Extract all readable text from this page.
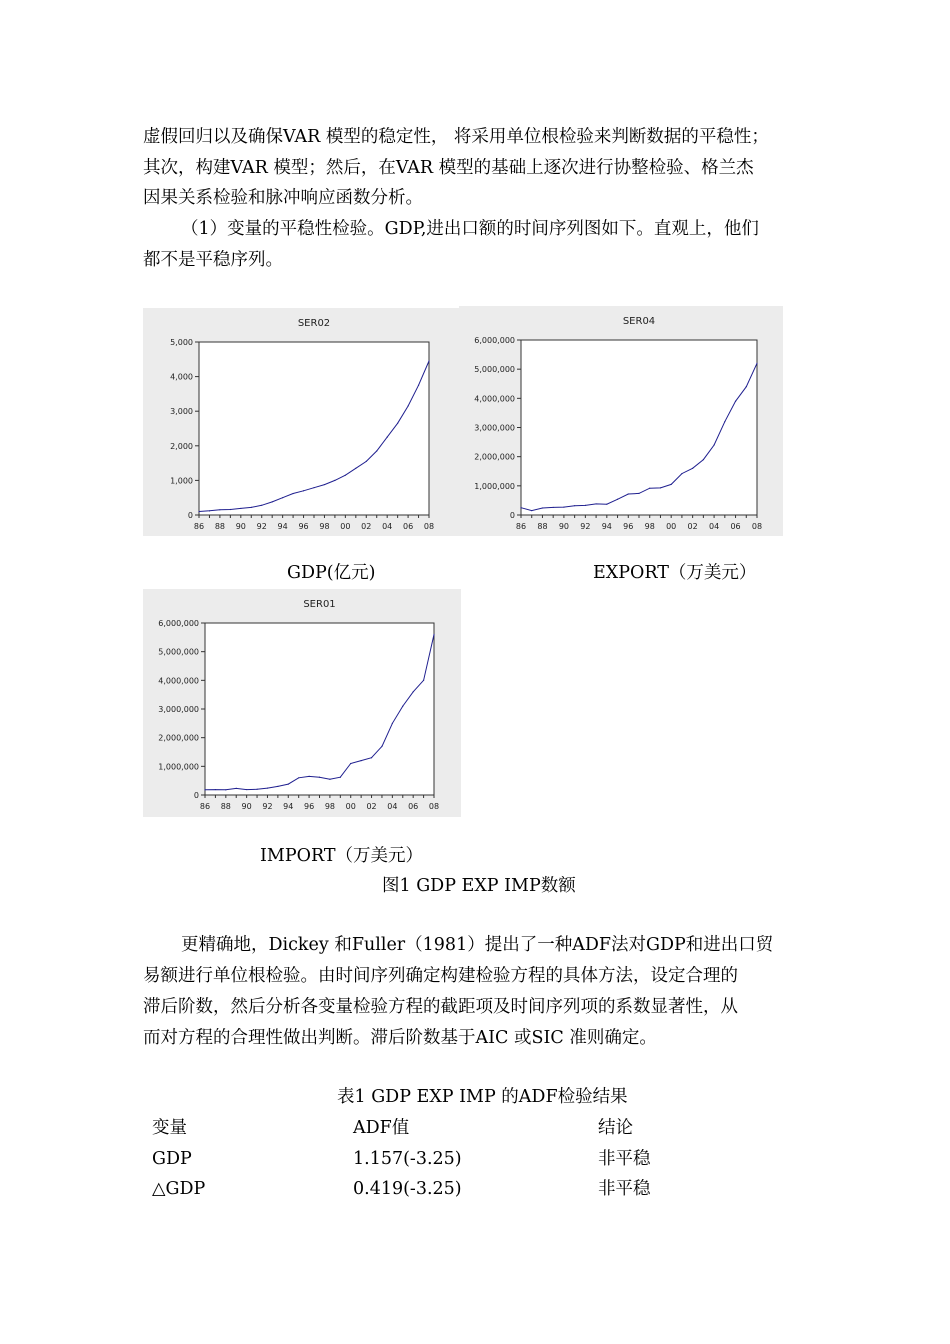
虚假回归以及确保VAR 模型的稳定性， 将采用单位根检验来判断数据的平稳性；
其次，构建VAR 模型；然后，在VAR 模型的基础上逐次进行协整检验、格兰杰
因果关系检验和脉冲响应函数分析。
（1）变量的平稳性检验。GDP,进出口额的时间序列图如下。直观上，他们
都不是平稳序列。
SER02
0
1,000
2,000
3,000
4,000
5,000
86 88 90 92 94 96 98 00 02 04 06 08
SER04
0
1,000,000
2,000,000
3,000,000
4,000,000
5,000,000
6,000,000
86 88 90 92 94 96 98 00 02 04 06 08
SER01
0
1,000,000
2,000,000
3,000,000
4,000,000
5,000,000
6,000,000
86 88 90 92 94 96 98 00 02 04 06 08
GDP(亿元)	EXPORT（万美元）
IMPORT（万美元）
图1 GDP EXP IMP数额
更精确地，Dickey 和Fuller（1981）提出了一种ADF法对GDP和进出口贸
易额进行单位根检验。由时间序列确定构建检验方程的具体方法，设定合理的
滞后阶数，然后分析各变量检验方程的截距项及时间序列项的系数显著性，从
而对方程的合理性做出判断。滞后阶数基于AIC 或SIC 准则确定。
表1 GDP EXP IMP 的ADF检验结果
变量	ADF值	结论
GDP	1.157(-3.25)	非平稳
△GDP	0.419(-3.25)	非平稳
